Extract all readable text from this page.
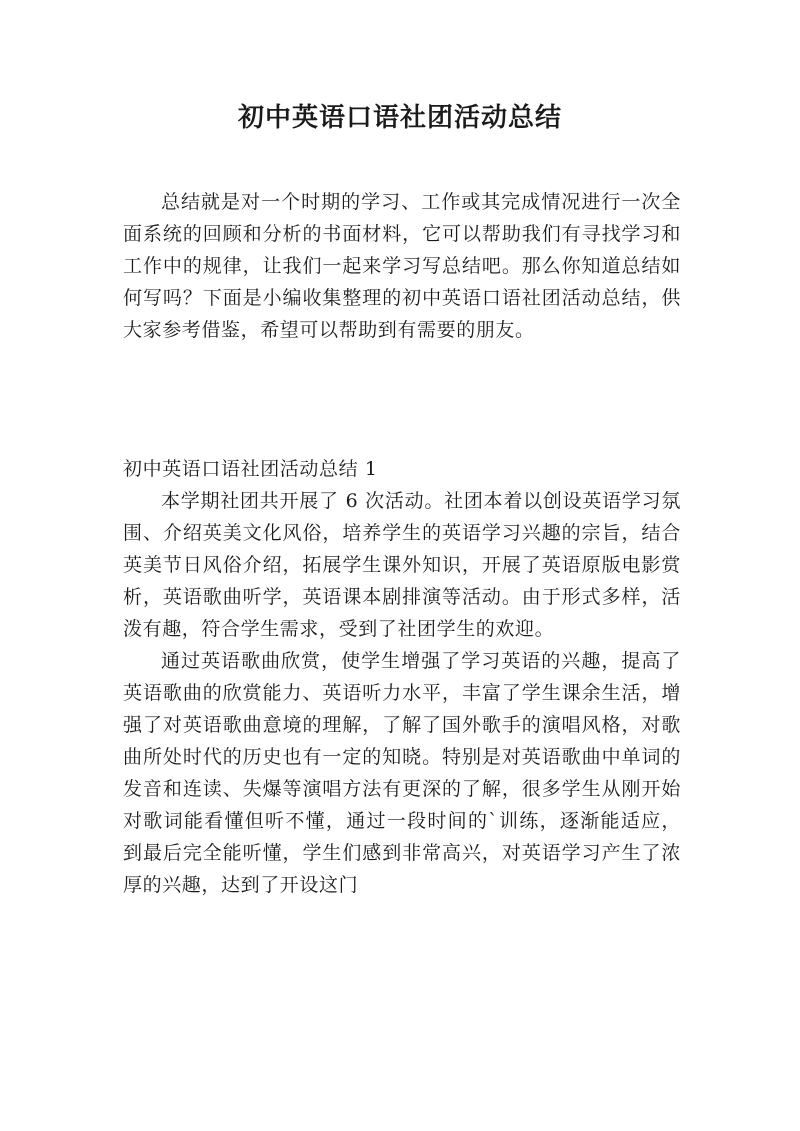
初中英语口语社团活动总结

总结就是对一个时期的学习、工作或其完成情况进行一次全面系统的回顾和分析的书面材料，它可以帮助我们有寻找学习和工作中的规律，让我们一起来学习写总结吧。那么你知道总结如何写吗？下面是小编收集整理的初中英语口语社团活动总结，供大家参考借鉴，希望可以帮助到有需要的朋友。

初中英语口语社团活动总结 1

本学期社团共开展了 6 次活动。社团本着以创设英语学习氛围、介绍英美文化风俗，培养学生的英语学习兴趣的宗旨，结合英美节日风俗介绍，拓展学生课外知识，开展了英语原版电影赏析，英语歌曲听学，英语课本剧排演等活动。由于形式多样，活泼有趣，符合学生需求，受到了社团学生的欢迎。

通过英语歌曲欣赏，使学生增强了学习英语的兴趣，提高了英语歌曲的欣赏能力、英语听力水平，丰富了学生课余生活，增强了对英语歌曲意境的理解，了解了国外歌手的演唱风格，对歌曲所处时代的历史也有一定的知晓。特别是对英语歌曲中单词的发音和连读、失爆等演唱方法有更深的了解，很多学生从刚开始对歌词能看懂但听不懂，通过一段时间的`训练，逐渐能适应，到最后完全能听懂，学生们感到非常高兴，对英语学习产生了浓厚的兴趣，达到了开设这门
